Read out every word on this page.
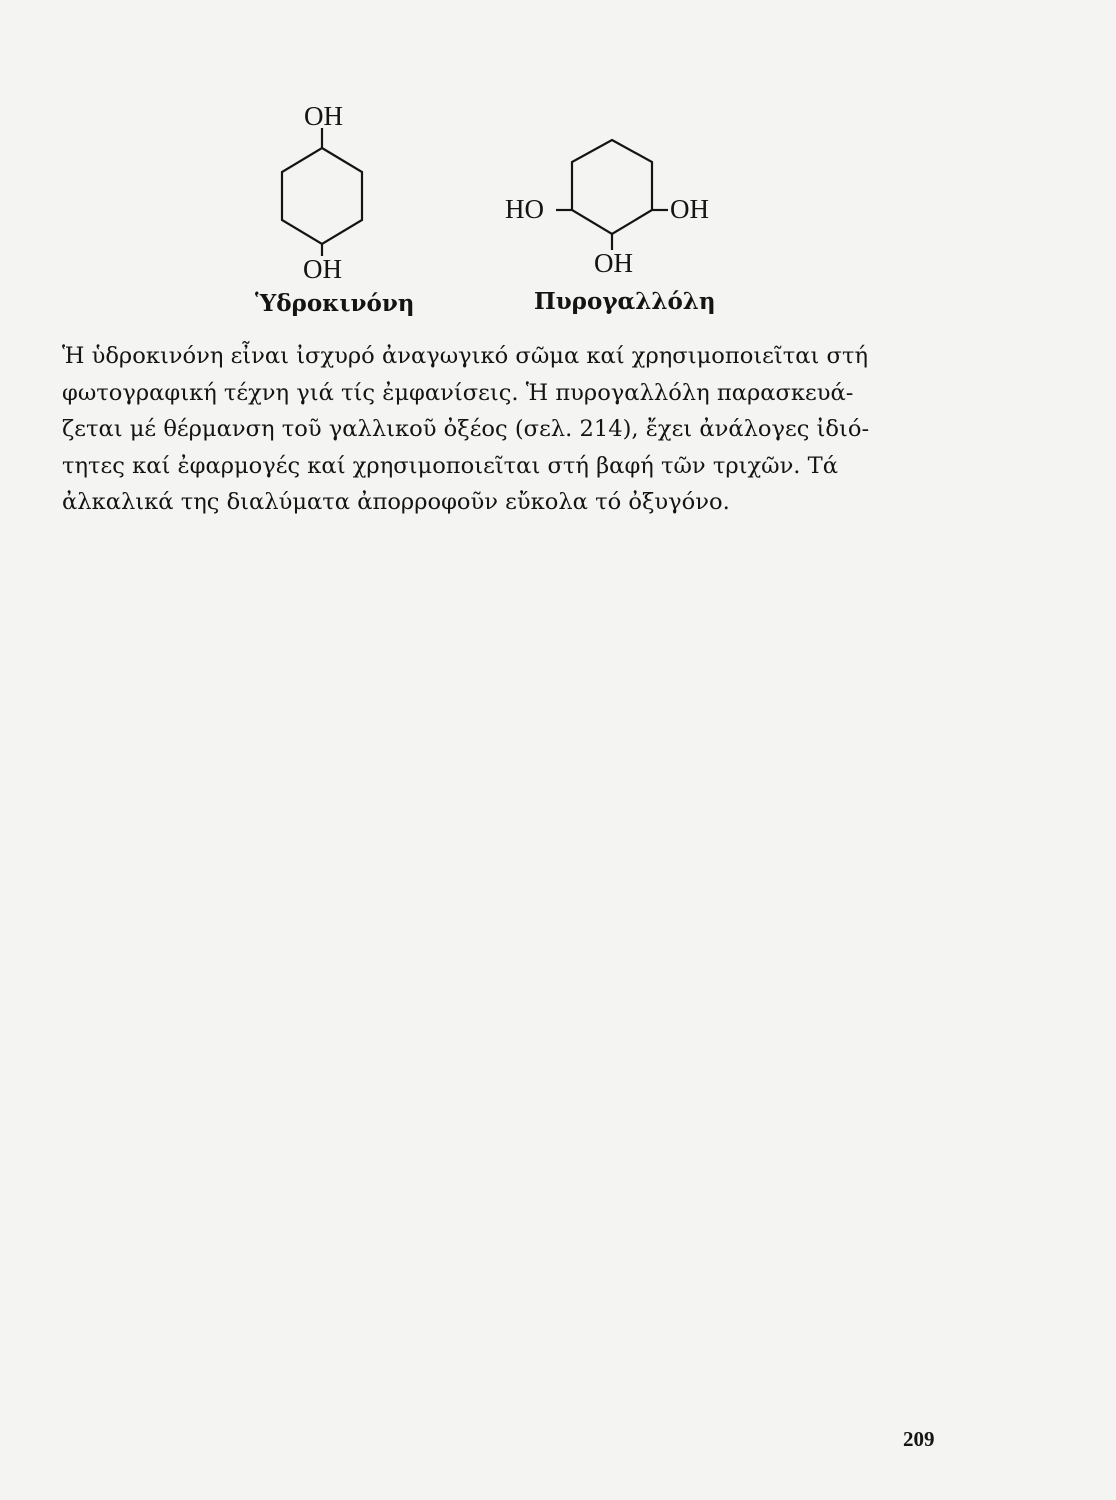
OH
OH
HO	OH
OH
Ὑδροκινόνη	Πυρογαλλόλη

Ἡ ὑδροκινόνη εἶναι ἰσχυρό ἀναγωγικό σῶμα καί χρησιμοποιεῖται στή
φωτογραφική τέχνη γιά τίς ἐμφανίσεις. Ἡ πυρογαλλόλη παρασκευά-
ζεται μέ θέρμανση τοῦ γαλλικοῦ ὀξέος (σελ. 214), ἔχει ἀνάλογες ἰδιό-
τητες καί ἐφαρμογές καί χρησιμοποιεῖται στή βαφή τῶν τριχῶν. Τά
ἀλκαλικά της διαλύματα ἀπορροφοῦν εὔκολα τό ὀξυγόνο.

209
